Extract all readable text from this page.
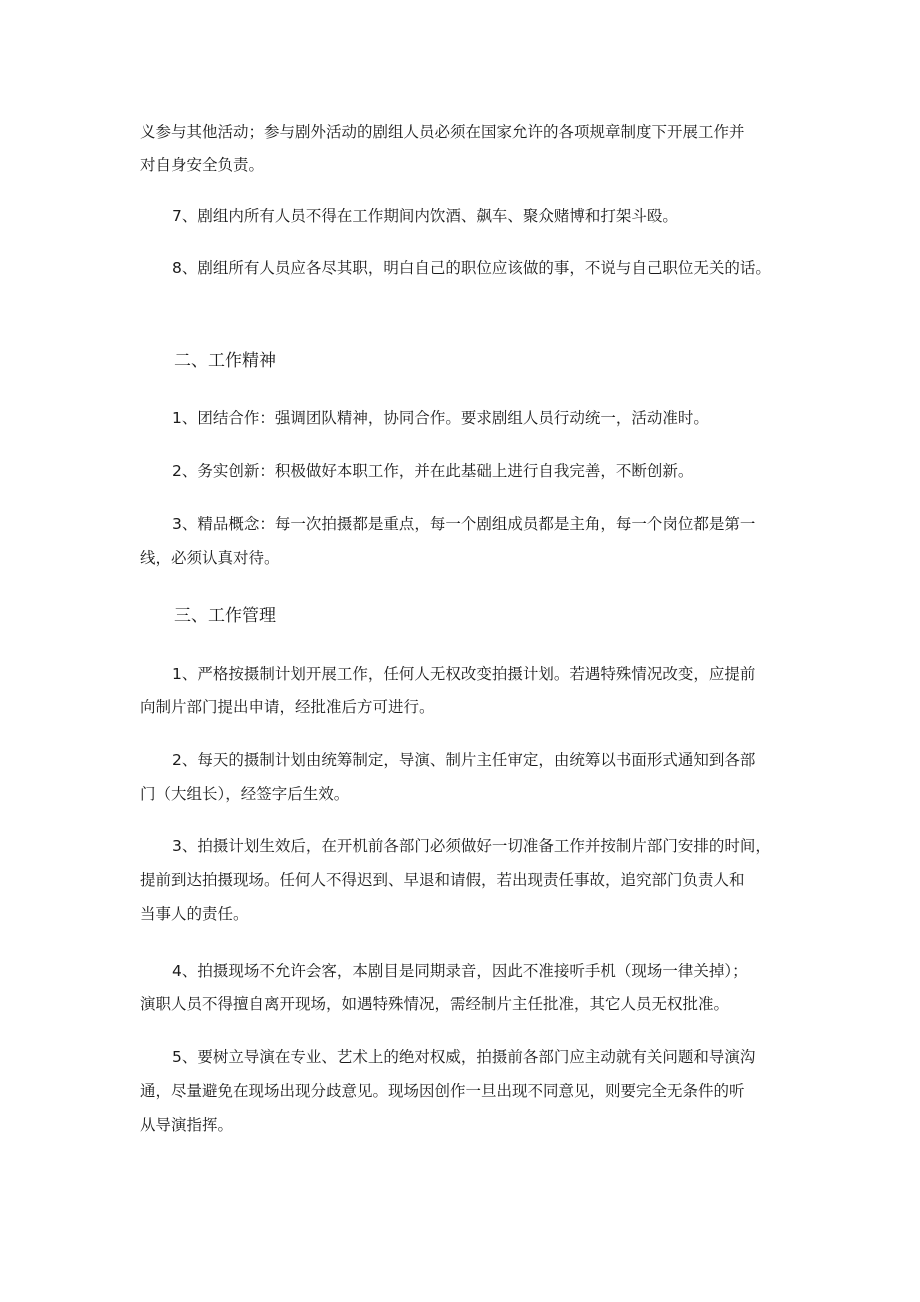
义参与其他活动；参与剧外活动的剧组人员必须在国家允许的各项规章制度下开展工作并

对自身安全负责。

7、剧组内所有人员不得在工作期间内饮酒、飙车、聚众赌博和打架斗殴。

8、剧组所有人员应各尽其职，明白自己的职位应该做的事，不说与自己职位无关的话。

二、工作精神

1、团结合作：强调团队精神，协同合作。要求剧组人员行动统一，活动准时。

2、务实创新：积极做好本职工作，并在此基础上进行自我完善，不断创新。

3、精品概念：每一次拍摄都是重点，每一个剧组成员都是主角，每一个岗位都是第一

线，必须认真对待。

三、工作管理

1、严格按摄制计划开展工作，任何人无权改变拍摄计划。若遇特殊情况改变，应提前

向制片部门提出申请，经批准后方可进行。

2、每天的摄制计划由统筹制定，导演、制片主任审定，由统筹以书面形式通知到各部

门（大组长），经签字后生效。

3、拍摄计划生效后，在开机前各部门必须做好一切准备工作并按制片部门安排的时间，

提前到达拍摄现场。任何人不得迟到、早退和请假，若出现责任事故，追究部门负责人和

当事人的责任。

4、拍摄现场不允许会客，本剧目是同期录音，因此不准接听手机（现场一律关掉）；

演职人员不得擅自离开现场，如遇特殊情况，需经制片主任批准，其它人员无权批准。

5、要树立导演在专业、艺术上的绝对权威，拍摄前各部门应主动就有关问题和导演沟

通，尽量避免在现场出现分歧意见。现场因创作一旦出现不同意见，则要完全无条件的听

从导演指挥。
